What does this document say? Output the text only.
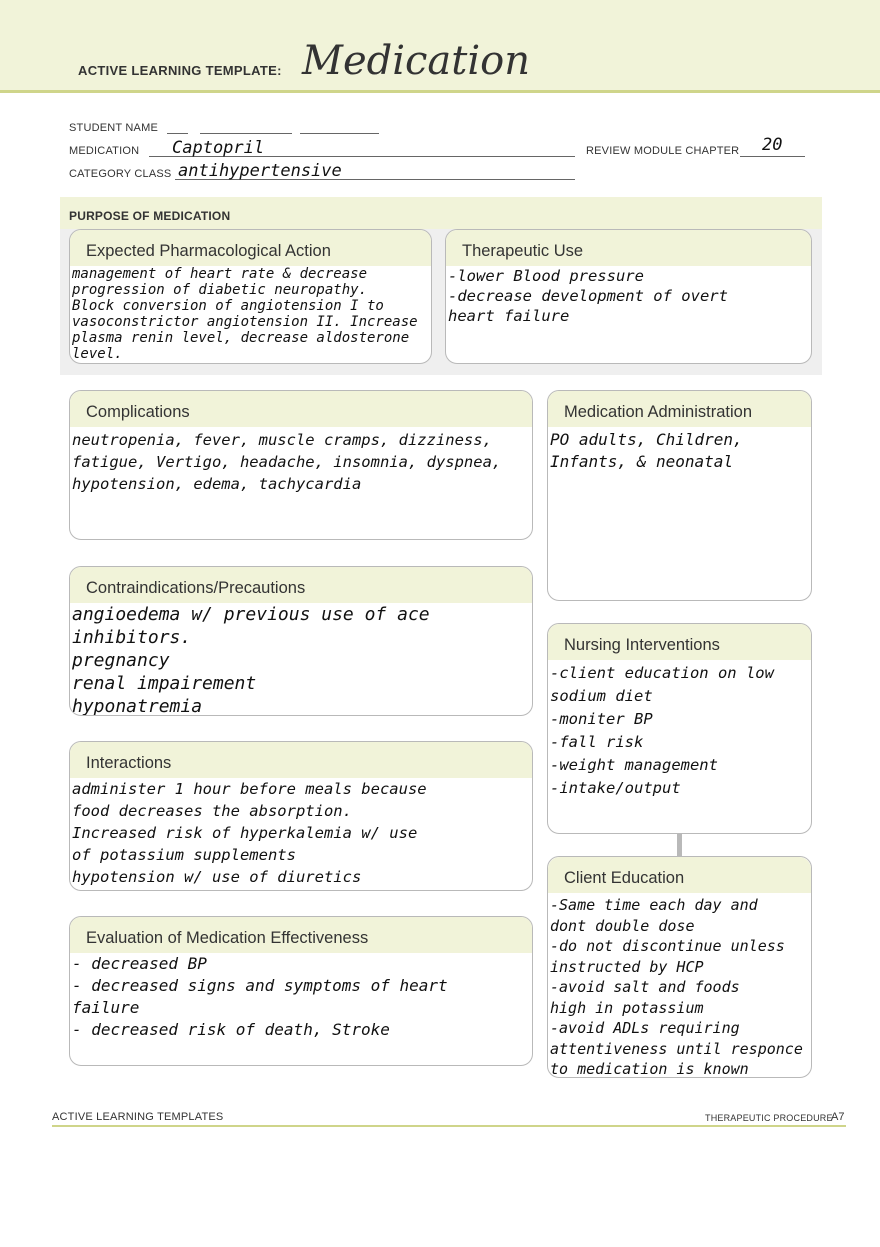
ACTIVE LEARNING TEMPLATE: Medication
STUDENT NAME
MEDICATION Captopril	REVIEW MODULE CHAPTER 20
CATEGORY CLASS antihypertensive
PURPOSE OF MEDICATION
Expected Pharmacological Action
management of heart rate & decrease
progression of diabetic neuropathy.
Block conversion of angiotension I to
vasoconstrictor angiotension II. Increase
plasma renin level, decrease aldosterone
level.
Therapeutic Use
-lower Blood pressure
-decrease development of overt
heart failure
Complications
neutropenia, fever, muscle cramps, dizziness,
fatigue, Vertigo, headache, insomnia, dyspnea,
hypotension, edema, tachycardia
Medication Administration
PO adults, Children,
Infants, & neonatal
Contraindications/Precautions
angioedema w/ previous use of ace
inhibitors.
pregnancy
renal impairement
hyponatremia
Nursing Interventions
-client education on low
sodium diet
-moniter BP
-fall risk
-weight management
-intake/output
Interactions
administer 1 hour before meals because
food decreases the absorption.
Increased risk of hyperkalemia w/ use
of potassium supplements
hypotension w/ use of diuretics	Client Education
-Same time each day and
dont double dose
-do not discontinue unless
instructed by HCP
-avoid salt and foods
high in potassium
-avoid ADLs requiring
attentiveness until responce
to medication is known
Evaluation of Medication Effectiveness
- decreased BP
- decreased signs and symptoms of heart
failure
- decreased risk of death, Stroke
ACTIVE LEARNING TEMPLATES	THERAPEUTIC PROCEDURE
A7
